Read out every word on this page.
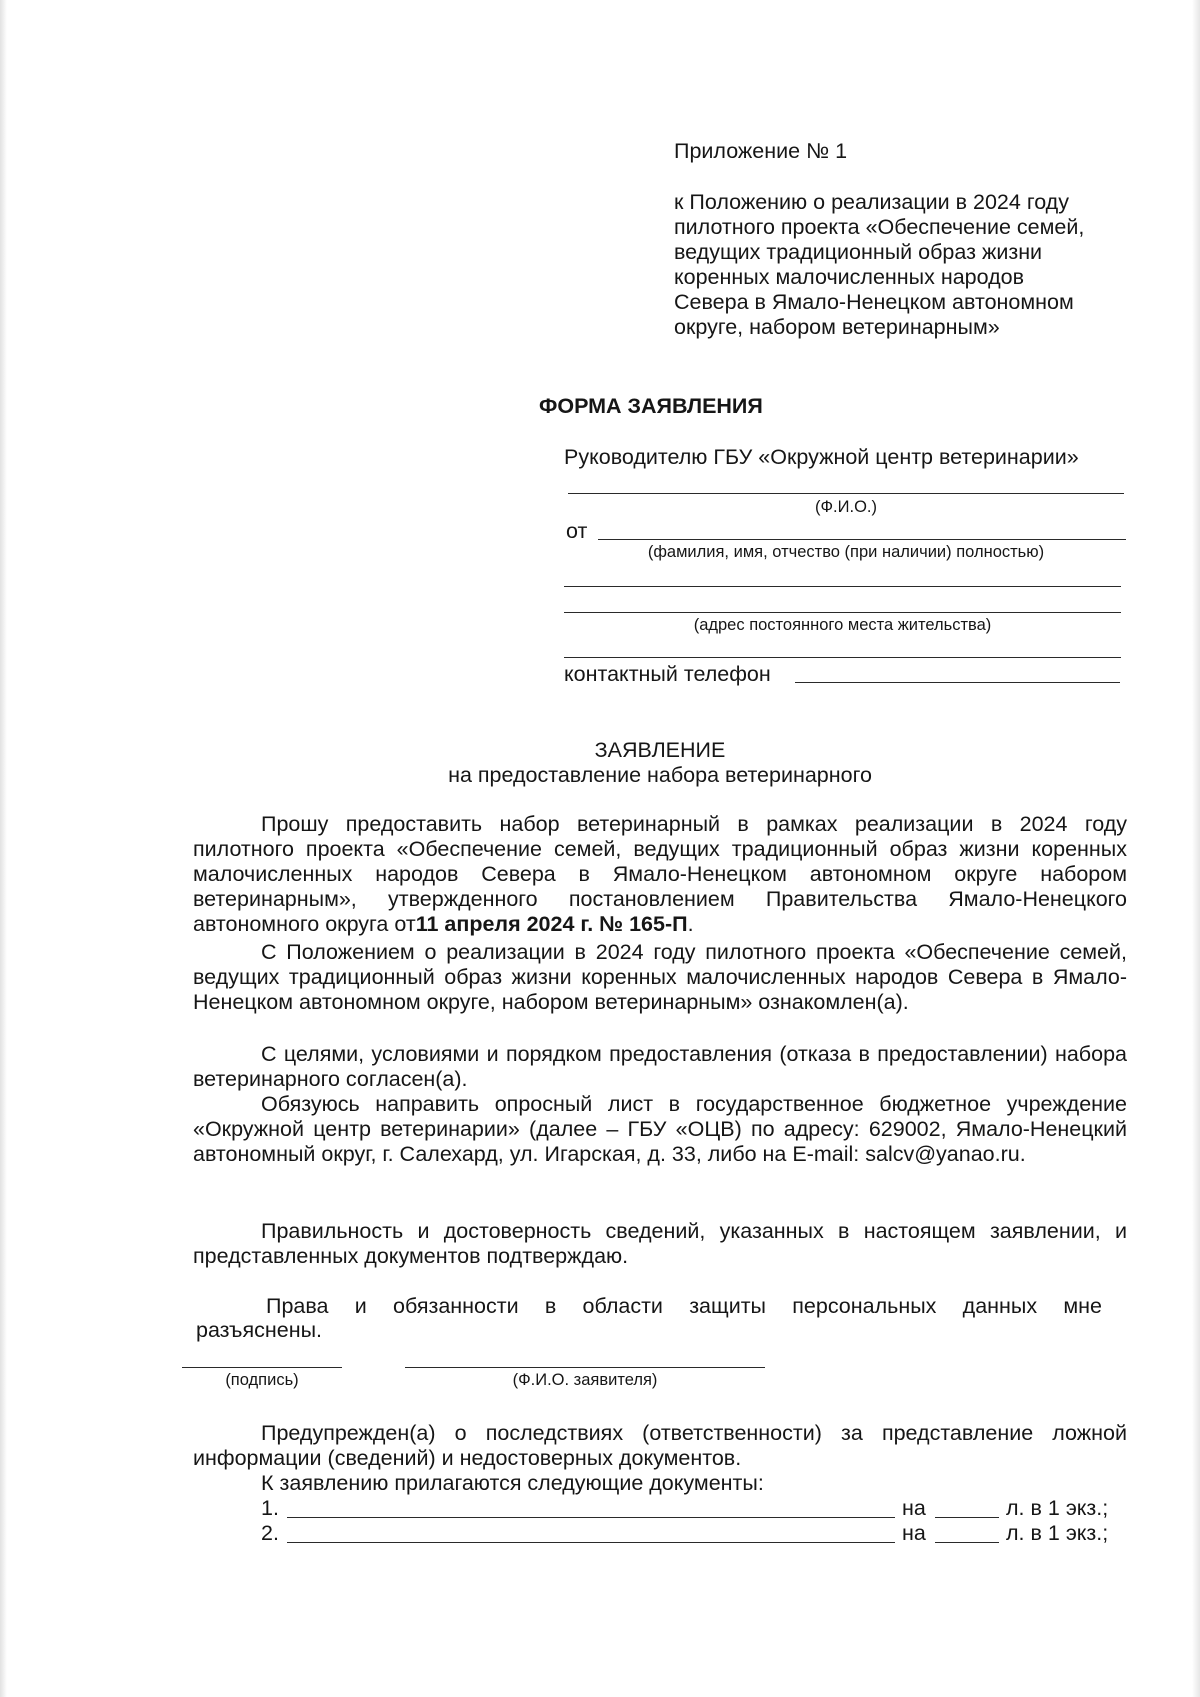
Приложение № 1
к Положению о реализации в 2024 году
пилотного проекта «Обеспечение семей,
ведущих традиционный образ жизни
коренных малочисленных народов
Севера в Ямало-Ненецком автономном
округе, набором ветеринарным»
ФОРМА ЗАЯВЛЕНИЯ
Руководителю ГБУ «Окружной центр ветеринарии»
(Ф.И.О.)
от
(фамилия, имя, отчество (при наличии) полностью)
(адрес постоянного места жительства)
контактный телефон
ЗАЯВЛЕНИЕ
на предоставление набора ветеринарного

Прошу предоставить набор ветеринарный в рамках реализации в 2024 году пилотного проекта «Обеспечение семей, ведущих традиционный образ жизни коренных малочисленных народов Севера в Ямало-Ненецком автономном округе набором ветеринарным», утвержденного постановлением Правительства Ямало-Ненецкого автономного округа от11 апреля 2024 г. № 165-П.

С Положением о реализации в 2024 году пилотного проекта «Обеспечение семей, ведущих традиционный образ жизни коренных малочисленных народов Севера в Ямало-Ненецком автономном округе, набором ветеринарным» ознакомлен(а).

С целями, условиями и порядком предоставления (отказа в предоставлении) набора ветеринарного согласен(а).

Обязуюсь направить опросный лист в государственное бюджетное учреждение «Окружной центр ветеринарии» (далее – ГБУ «ОЦВ) по адресу: 629002, Ямало-Ненецкий автономный округ, г. Салехард, ул. Игарская, д. 33, либо на E-mail: salcv@yanao.ru.

Правильность и достоверность сведений, указанных в настоящем заявлении, и представленных документов подтверждаю.

Права и обязанности в области защиты персональных данных мне

разъяснены.
(подпись)	(Ф.И.О. заявителя)

Предупрежден(а) о последствиях (ответственности) за представление ложной информации (сведений) и недостоверных документов.

К заявлению прилагаются следующие документы:
1.	на	л. в 1 экз.;
2.	на	л. в 1 экз.;
